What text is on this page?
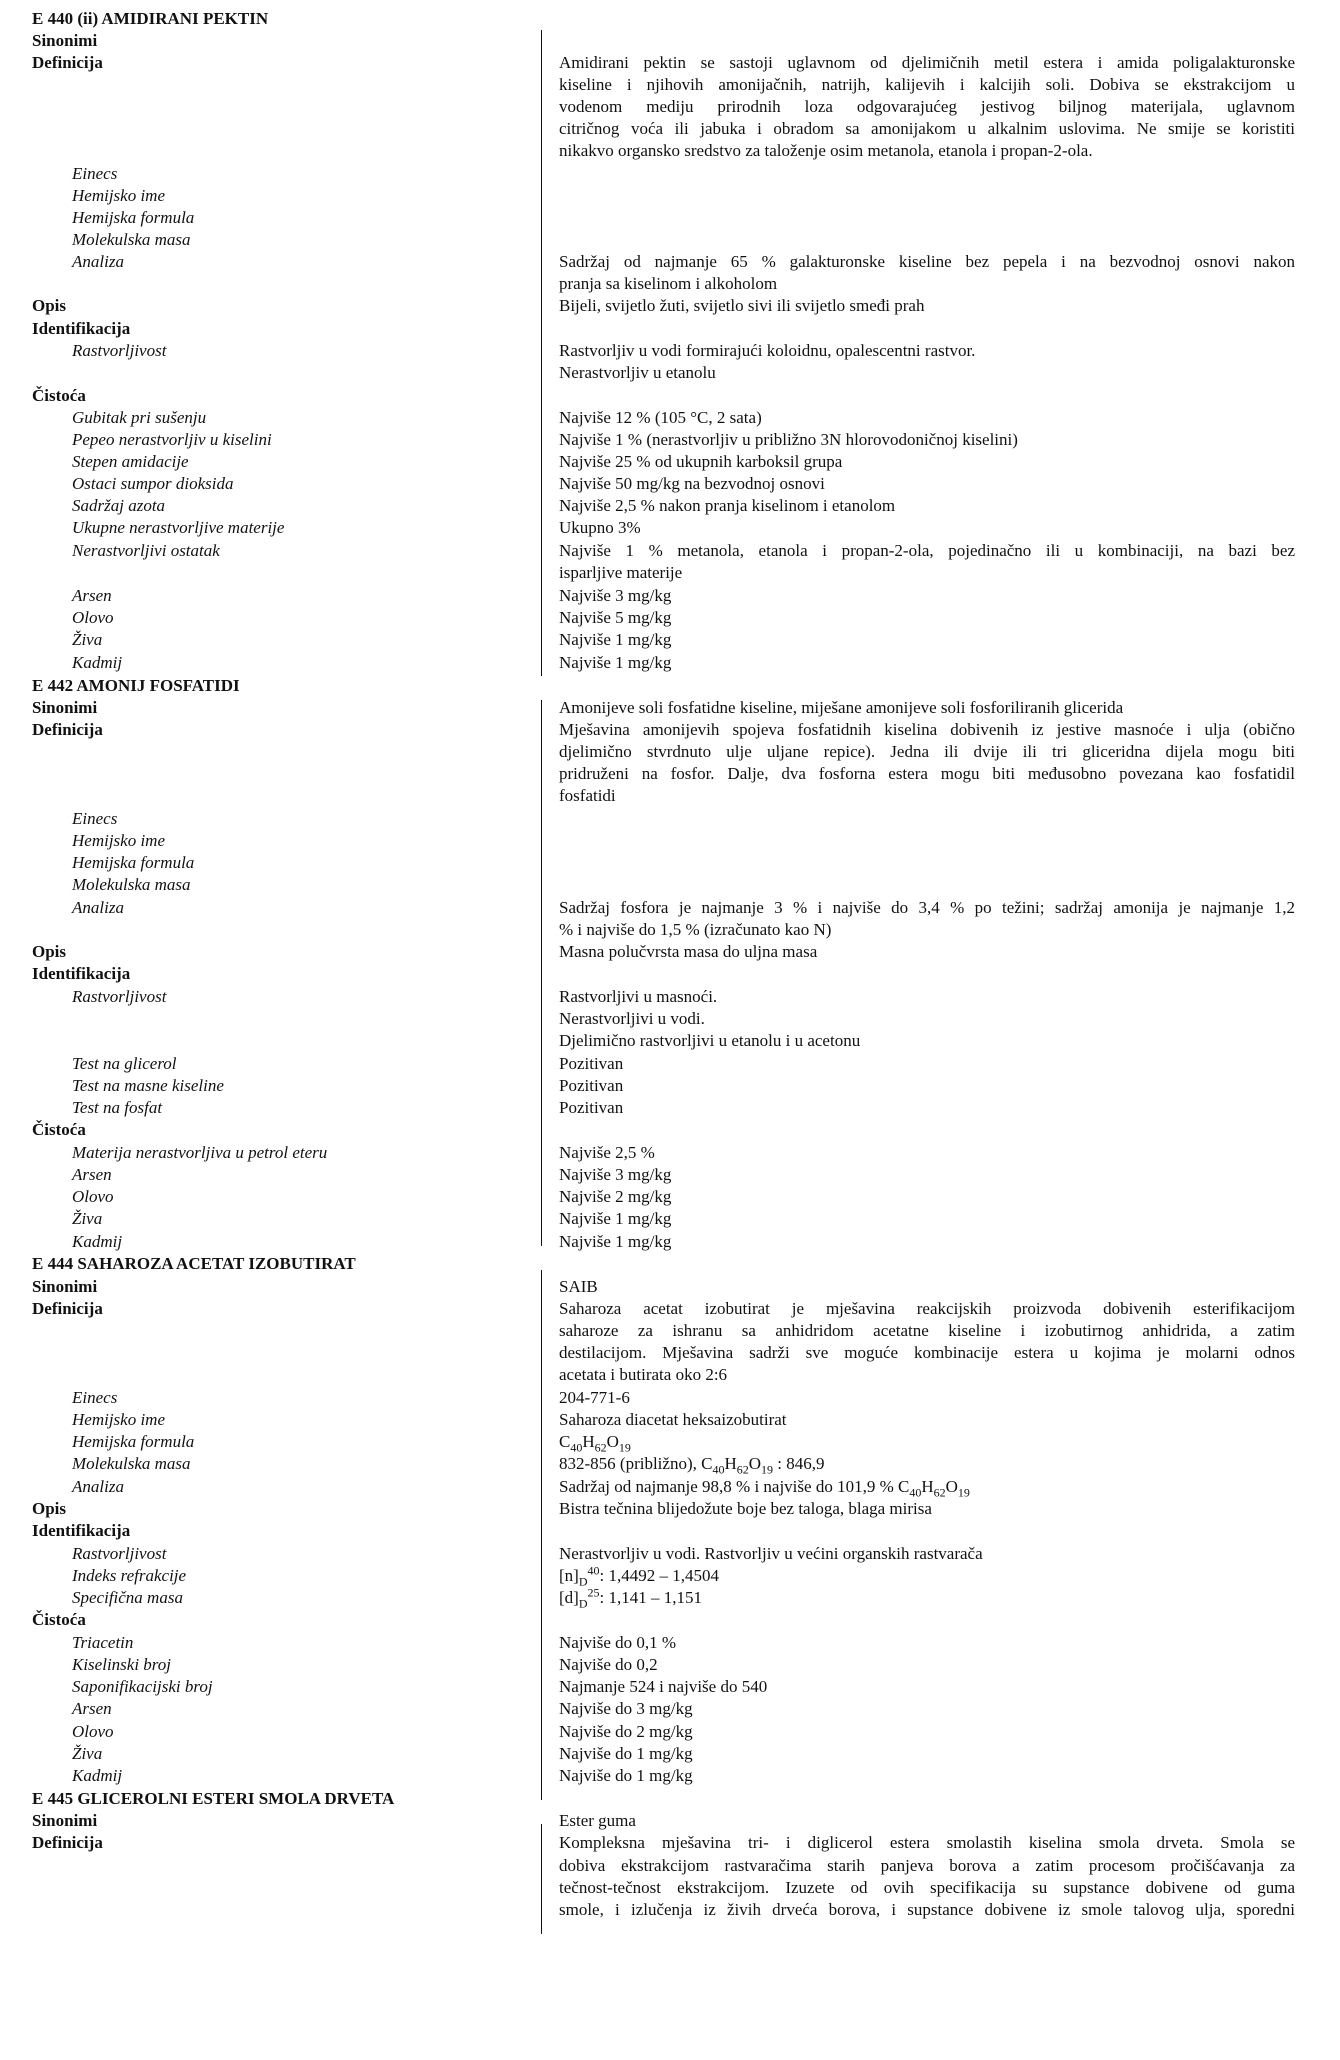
E 440 (ii) AMIDIRANI PEKTIN
Sinonimi
Definicija	Amidirani pektin se sastoji uglavnom od djelimičnih metil estera i amida poligalakturonske
kiseline i njihovih amonijačnih, natrijh, kalijevih i kalcijih soli. Dobiva se ekstrakcijom u
vodenom mediju prirodnih loza odgovarajućeg jestivog biljnog materijala, uglavnom
citričnog voća ili jabuka i obradom sa amonijakom u alkalnim uslovima. Ne smije se koristiti
nikakvo organsko sredstvo za taloženje osim metanola, etanola i propan-2-ola.
Einecs
Hemijsko ime
Hemijska formula
Molekulska masa
Analiza	Sadržaj od najmanje 65 % galakturonske kiseline bez pepela i na bezvodnoj osnovi nakon
pranja sa kiselinom i alkoholom
Opis	Bijeli, svijetlo žuti, svijetlo sivi ili svijetlo smeđi prah
Identifikacija
Rastvorljivost	Rastvorljiv u vodi formirajući koloidnu, opalescentni rastvor.
Nerastvorljiv u etanolu
Čistoća
Gubitak pri sušenju	Najviše 12 % (105 °C, 2 sata)
Pepeo nerastvorljiv u kiselini	Najviše 1 % (nerastvorljiv u približno 3N hlorovodoničnoj kiselini)
Stepen amidacije	Najviše 25 % od ukupnih karboksil grupa
Ostaci sumpor dioksida	Najviše 50 mg/kg na bezvodnoj osnovi
Sadržaj azota	Najviše 2,5 % nakon pranja kiselinom i etanolom
Ukupne nerastvorljive materije	Ukupno 3%
Nerastvorljivi ostatak	Najviše 1 % metanola, etanola i propan-2-ola, pojedinačno ili u kombinaciji, na bazi bez
isparljive materije
Arsen	Najviše 3 mg/kg
Olovo	Najviše 5 mg/kg
Živa	Najviše 1 mg/kg
Kadmij	Najviše 1 mg/kg
E 442 AMONIJ FOSFATIDI
Sinonimi	Amonijeve soli fosfatidne kiseline, miješane amonijeve soli fosforiliranih glicerida
Definicija	Mješavina amonijevih spojeva fosfatidnih kiselina dobivenih iz jestive masnoće i ulja (obično
djelimično stvrdnuto ulje uljane repice). Jedna ili dvije ili tri gliceridna dijela mogu biti
pridruženi na fosfor. Dalje, dva fosforna estera mogu biti međusobno povezana kao fosfatidil
fosfatidi
Einecs
Hemijsko ime
Hemijska formula
Molekulska masa
Analiza	Sadržaj fosfora je najmanje 3 % i najviše do 3,4 % po težini; sadržaj amonija je najmanje 1,2
% i najviše do 1,5 % (izračunato kao N)
Opis	Masna polučvrsta masa do uljna masa
Identifikacija
Rastvorljivost	Rastvorljivi u masnoći.
Nerastvorljivi u vodi.
Djelimično rastvorljivi u etanolu i u acetonu
Test na glicerol	Pozitivan
Test na masne kiseline	Pozitivan
Test na fosfat	Pozitivan
Čistoća
Materija nerastvorljiva u petrol eteru	Najviše 2,5 %
Arsen	Najviše 3 mg/kg
Olovo	Najviše 2 mg/kg
Živa	Najviše 1 mg/kg
Kadmij	Najviše 1 mg/kg
E 444 SAHAROZA ACETAT IZOBUTIRAT
Sinonimi	SAIB
Definicija	Saharoza acetat izobutirat je mješavina reakcijskih proizvoda dobivenih esterifikacijom
saharoze za ishranu sa anhidridom acetatne kiseline i izobutirnog anhidrida, a zatim
destilacijom. Mješavina sadrži sve moguće kombinacije estera u kojima je molarni odnos
acetata i butirata oko 2:6
Einecs	204-771-6
Hemijsko ime	Saharoza diacetat heksaizobutirat
Hemijska formula	$C_{40}H_{62}O_{19}$
Molekulska masa	832-856 (približno), $C_{40}H_{62}O_{19}$ : 846,9
Analiza	Sadržaj od najmanje 98,8 % i najviše do 101,9 % $C_{40}H_{62}O_{19}$
Opis	Bistra tečnina blijedožute boje bez taloga, blaga mirisa
Identifikacija
Rastvorljivost	Nerastvorljiv u vodi. Rastvorljiv u većini organskih rastvarača
Indeks refrakcije	$[n]_D^{40}$: 1,4492 – 1,4504
Specifična masa	$[d]_D^{25}$: 1,141 – 1,151
Čistoća
Triacetin	Najviše do 0,1 %
Kiselinski broj	Najviše do 0,2
Saponifikacijski broj	Najmanje 524 i najviše do 540
Arsen	Najviše do 3 mg/kg
Olovo	Najviše do 2 mg/kg
Živa	Najviše do 1 mg/kg
Kadmij	Najviše do 1 mg/kg
E 445 GLICEROLNI ESTERI SMOLA DRVETA
Sinonimi	Ester guma
Definicija	Kompleksna mješavina tri- i diglicerol estera smolastih kiselina smola drveta. Smola se
dobiva ekstrakcijom rastvaračima starih panjeva borova a zatim procesom pročišćavanja za
tečnost-tečnost ekstrakcijom. Izuzete od ovih specifikacija su supstance dobivene od guma
smole, i izlučenja iz živih drveća borova, i supstance dobivene iz smole talovog ulja, sporedni
